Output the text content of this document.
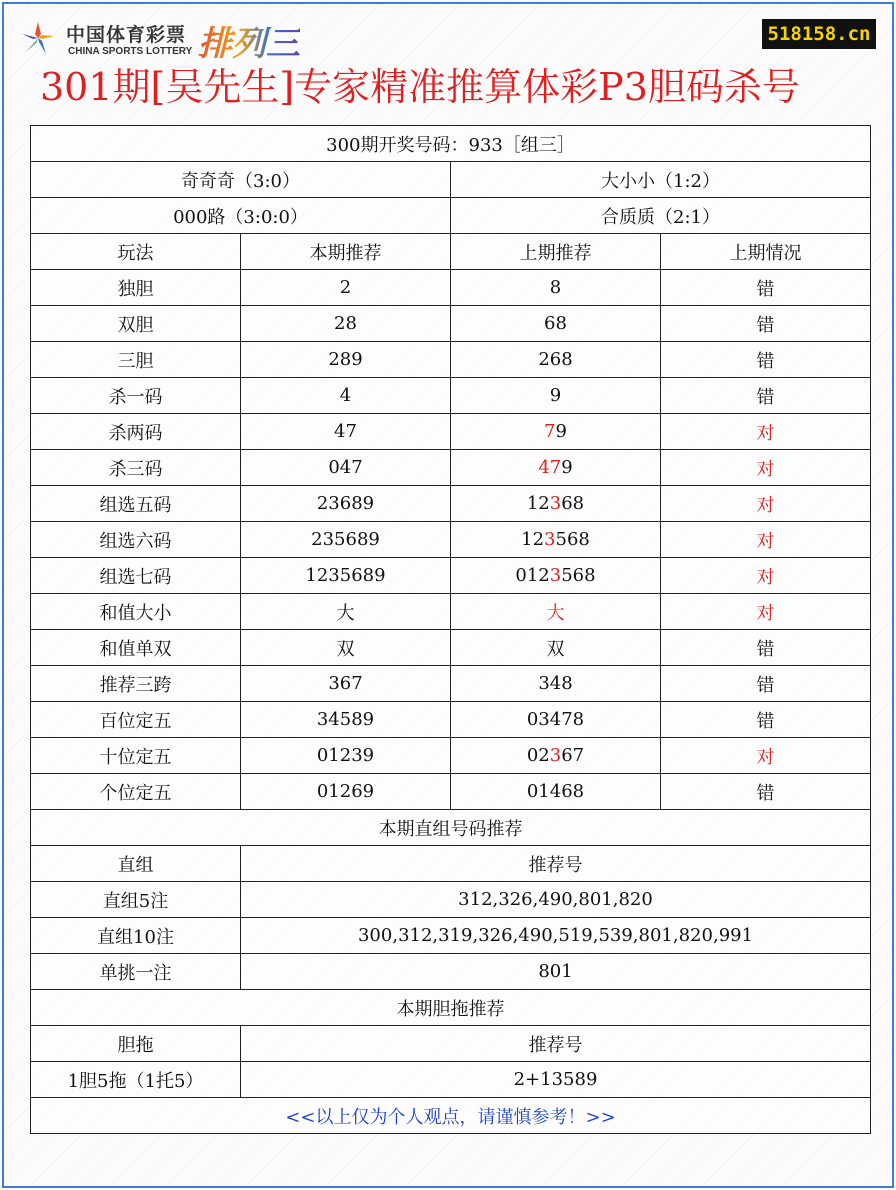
中国体育彩票
CHINA SPORTS LOTTERY 排列三	518158.cn
301期[吴先生]专家精准推算体彩P3胆码杀号
300期开奖号码：933［组三］			
奇奇奇（3:0）		大小小（1:2）	
000路（3:0:0）		合质质（2:1）	
玩法	本期推荐	上期推荐	上期情况
独胆	2	8	错
双胆	28	68	错
三胆	289	268	错
杀一码	4	9	错
杀两码	47	79	对
杀三码	047	479	对
组选五码	23689	12368	对
组选六码	235689	123568	对
组选七码	1235689	0123568	对
和值大小	大	大	对
和值单双	双	双	错
推荐三跨	367	348	错
百位定五	34589	03478	错
十位定五	01239	02367	对
个位定五	01269	01468	错
本期直组号码推荐			
直组	推荐号		
直组5注	312,326,490,801,820		
直组10注	300,312,319,326,490,519,539,801,820,991		
单挑一注	801		
本期胆拖推荐			
胆拖	推荐号		
1胆5拖（1托5）	2+13589		
<<以上仅为个人观点，请谨慎参考！>>			
